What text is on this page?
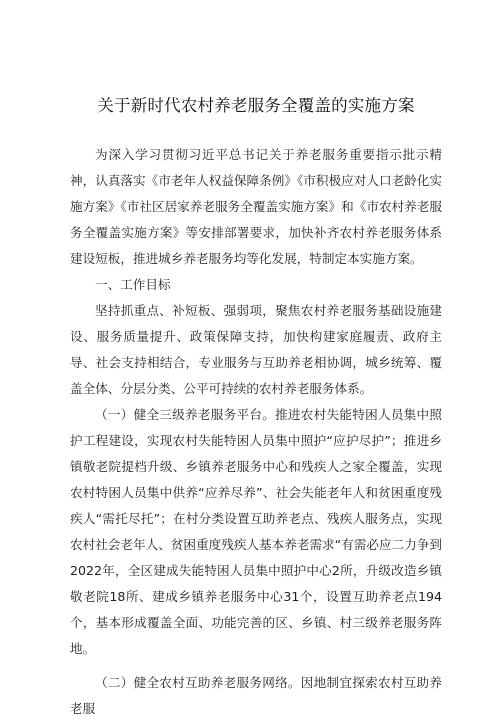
关于新时代农村养老服务全覆盖的实施方案

为深入学习贯彻习近平总书记关于养老服务重要指示批示精神，认真落实《市老年人权益保障条例》《市积极应对人口老龄化实施方案》《市社区居家养老服务全覆盖实施方案》和《市农村养老服务全覆盖实施方案》等安排部署要求，加快补齐农村养老服务体系建设短板，推进城乡养老服务均等化发展，特制定本实施方案。

一、工作目标

坚持抓重点、补短板、强弱项，聚焦农村养老服务基础设施建设、服务质量提升、政策保障支持，加快构建家庭履责、政府主导、社会支持相结合，专业服务与互助养老相协调，城乡统筹、覆盖全体、分层分类、公平可持续的农村养老服务体系。

（一）健全三级养老服务平台。推进农村失能特困人员集中照护工程建设，实现农村失能特困人员集中照护“应护尽护”；推进乡镇敬老院提档升级、乡镇养老服务中心和残疾人之家全覆盖，实现农村特困人员集中供养“应养尽养”、社会失能老年人和贫困重度残疾人“需托尽托”；在村分类设置互助养老点、残疾人服务点，实现农村社会老年人、贫困重度残疾人基本养老需求“有需必应二力争到2022年，全区建成失能特困人员集中照护中心2所，升级改造乡镇敬老院18所、建成乡镇养老服务中心31个，设置互助养老点194个，基本形成覆盖全面、功能完善的区、乡镇、村三级养老服务阵地。

（二）健全农村互助养老服务网络。因地制宜探索农村互助养老服
